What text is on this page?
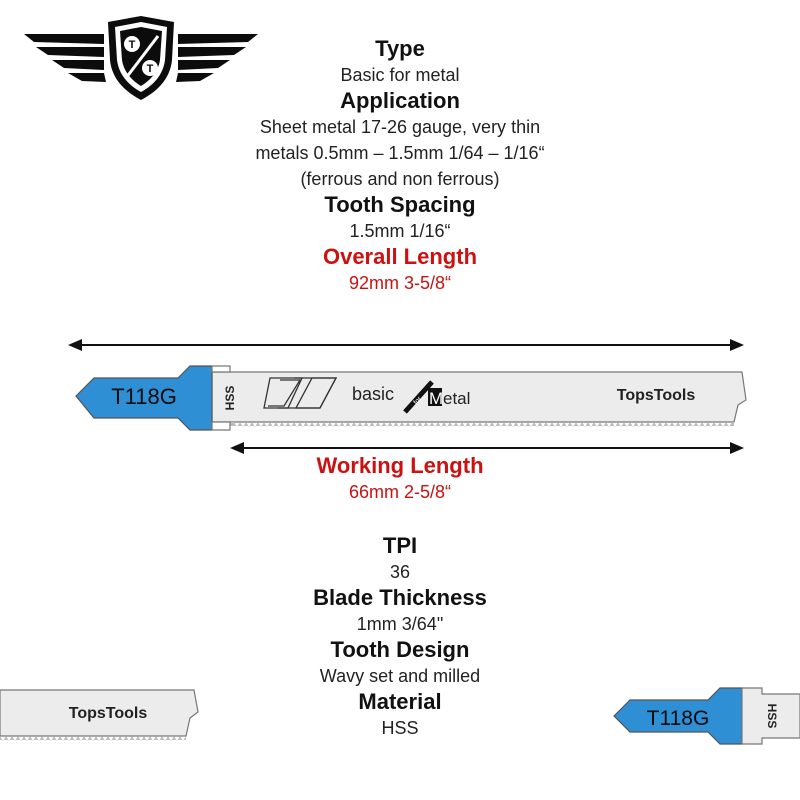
T
T
Type
Basic for metal
Application
Sheet metal 17-26 gauge, very thin
metals 0.5mm – 1.5mm 1/64 – 1/16“
(ferrous and non ferrous)
Tooth Spacing
1.5mm 1/16“
Overall Length
92mm 3-5/8“
T118G	HSS	basic	for M etal	TopsTools
Working Length
66mm 2-5/8“
TPI
36
Blade Thickness
1mm 3/64"
Tooth Design
Wavy set and milled
Material
HSS
TopsTools	T118G	HSS
